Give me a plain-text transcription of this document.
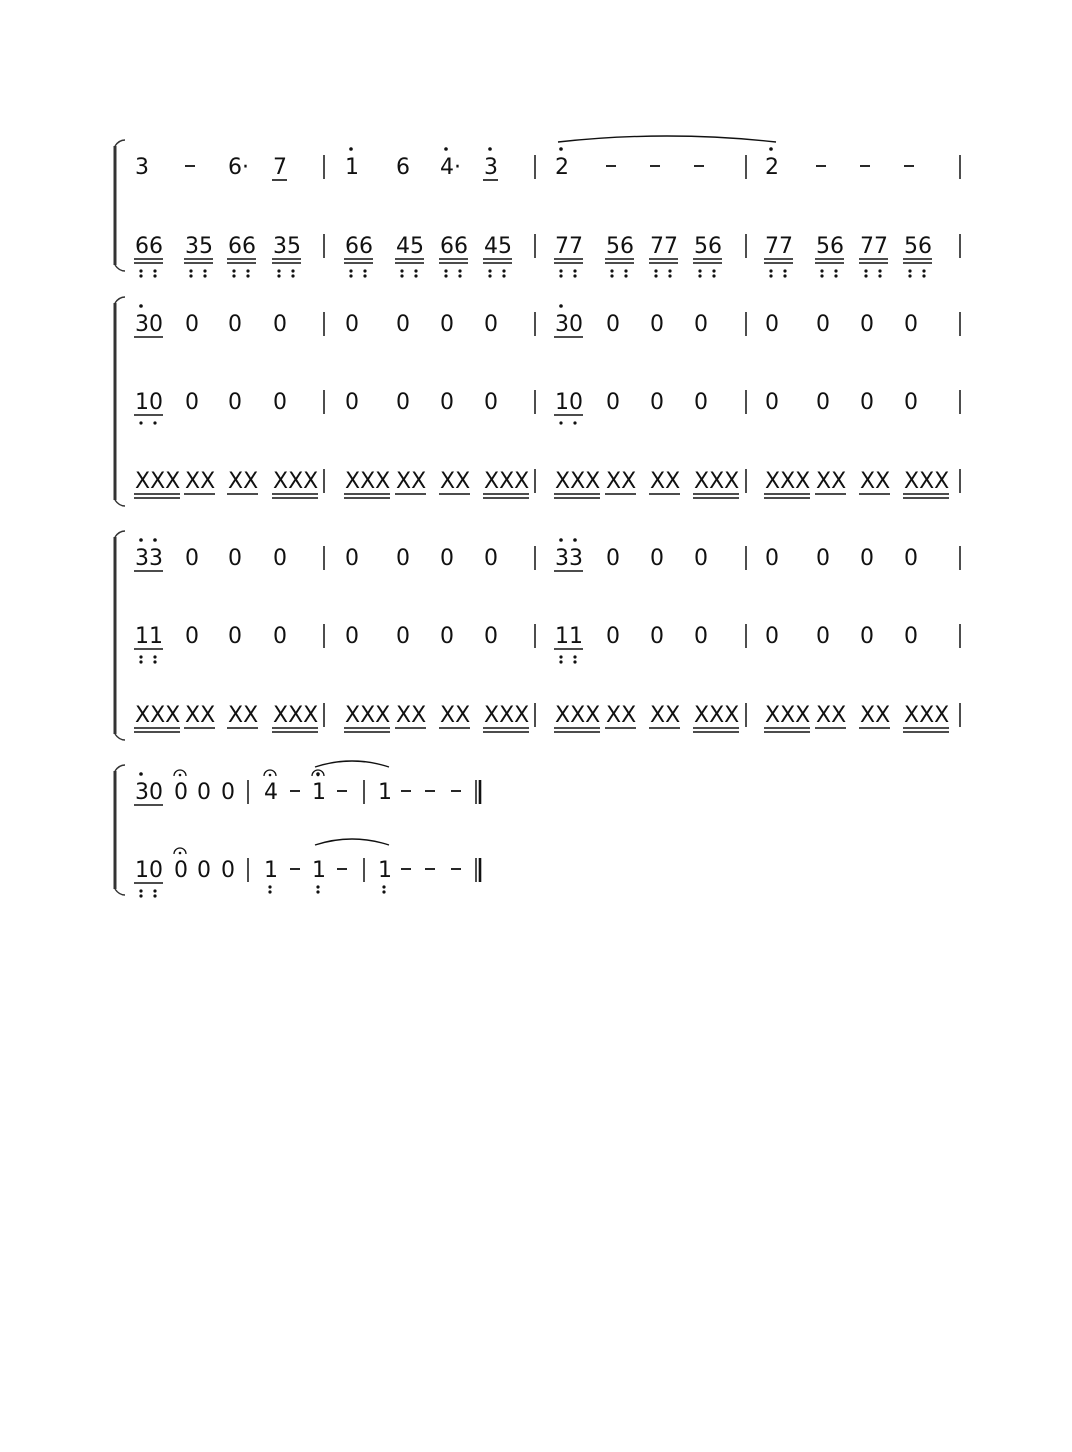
3	6· 7	1 6 4· 3	2	2
66 35 66 35 66 45 66 45 77 56 77 56 77 56 77 56
30 0 0 0	0 0 0 0	30 0 0 0	0 0 0 0
10 0 0 0	0 0 0 0	10 0 0 0	0 0 0 0
XXX XX XX XXX XXX XX XX XXX XXX XX XX XXX XXX XX XX XXX
33 0 0 0	0 0 0 0	33 0 0 0	0 0 0 0
11 0 0 0	0 0 0 0	11 0 0 0	0 0 0 0
XXX XX XX XXX XXX XX XX XXX XXX XX XX XXX XXX XX XX XXX
30 0 0 0 4 1 1
10 0 0 0 1 1 1
